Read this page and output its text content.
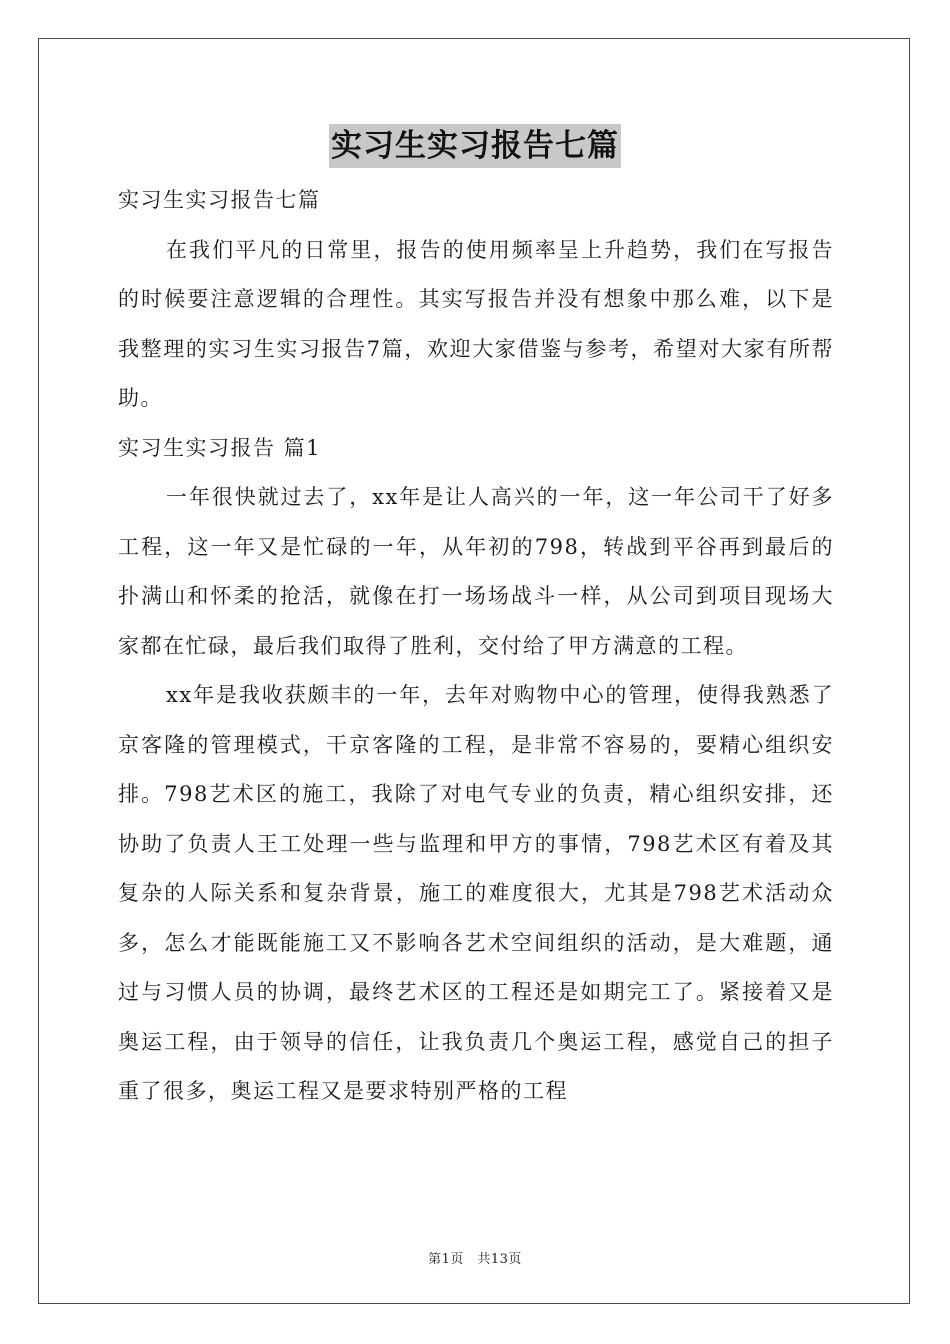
实习生实习报告七篇

实习生实习报告七篇

在我们平凡的日常里，报告的使用频率呈上升趋势，我们在写报告的时候要注意逻辑的合理性。其实写报告并没有想象中那么难，以下是我整理的实习生实习报告7篇，欢迎大家借鉴与参考，希望对大家有所帮助。

实习生实习报告 篇1

一年很快就过去了，xx年是让人高兴的一年，这一年公司干了好多工程，这一年又是忙碌的一年，从年初的798，转战到平谷再到最后的扑满山和怀柔的抢活，就像在打一场场战斗一样，从公司到项目现场大家都在忙碌，最后我们取得了胜利，交付给了甲方满意的工程。

xx年是我收获颇丰的一年，去年对购物中心的管理，使得我熟悉了京客隆的管理模式，干京客隆的工程，是非常不容易的，要精心组织安排。798艺术区的施工，我除了对电气专业的负责，精心组织安排，还协助了负责人王工处理一些与监理和甲方的事情，798艺术区有着及其复杂的人际关系和复杂背景，施工的难度很大，尤其是798艺术活动众多，怎么才能既能施工又不影响各艺术空间组织的活动，是大难题，通过与习惯人员的协调，最终艺术区的工程还是如期完工了。紧接着又是奥运工程，由于领导的信任，让我负责几个奥运工程，感觉自己的担子重了很多，奥运工程又是要求特别严格的工程

第1页　共13页
